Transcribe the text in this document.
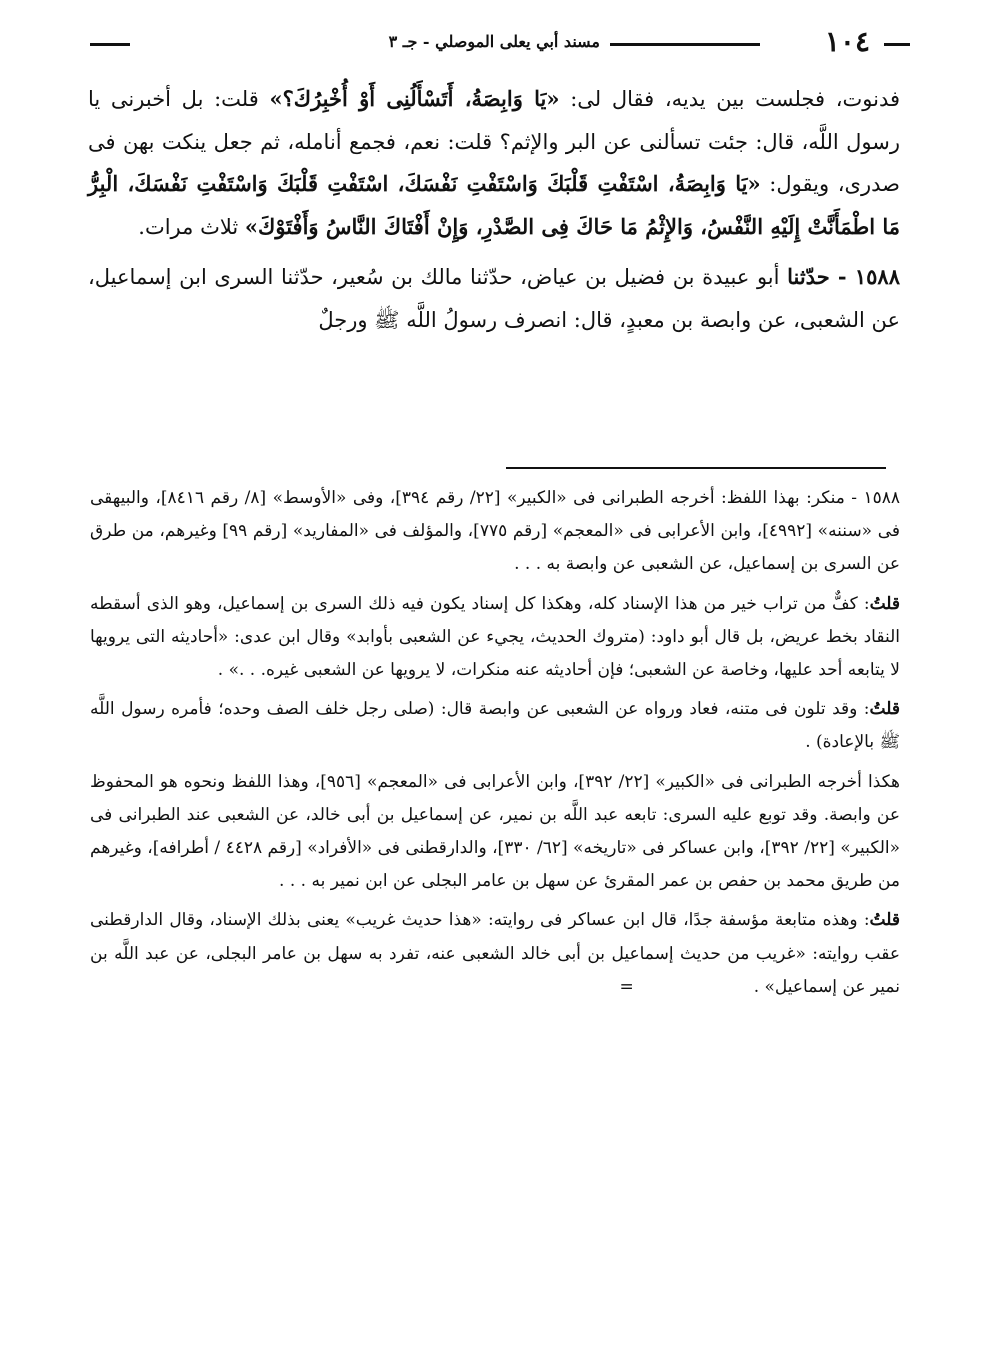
١٠٤
مسند أبي يعلى الموصلي - جـ ٣

فدنوت، فجلست بين يديه، فقال لى: «يَا وَابِصَةُ، أَتَسْأَلُنِى أَوْ أُخْبِرُكَ؟» قلت: بل أخبرنى يا رسول اللَّه، قال: جئت تسألنى عن البر والإثم؟ قلت: نعم، فجمع أنامله، ثم جعل ينكت بهن فى صدرى، ويقول: «يَا وَابِصَةُ، اسْتَفْتِ قَلْبَكَ وَاسْتَفْتِ نَفْسَكَ، اسْتَفْتِ قَلْبَكَ وَاسْتَفْتِ نَفْسَكَ، الْبِرُّ مَا اطْمَأَنَّتْ إِلَيْهِ النَّفْسُ، وَالإِثْمُ مَا حَاكَ فِى الصَّدْرِ، وَإِنْ أَفْتَاكَ النَّاسُ وَأَفْتَوْكَ» ثلاث مرات.

١٥٨٨ - حدّثنا أبو عبيدة بن فضيل بن عياض، حدّثنا مالك بن سُعير، حدّثنا السرى ابن إسماعيل، عن الشعبى، عن وابصة بن معبدٍ، قال: انصرف رسولُ اللَّه ﷺ ورجلٌ

١٥٨٨ - منكر: بهذا اللفظ: أخرجه الطبرانى فى «الكبير» [٢٢/ رقم ٣٩٤]، وفى «الأوسط» [٨/ رقم ٨٤١٦]، والبيهقى فى «سننه» [٤٩٩٢]، وابن الأعرابى فى «المعجم» [رقم ٧٧٥]، والمؤلف فى «المفاريد» [رقم ٩٩] وغيرهم، من طرق عن السرى بن إسماعيل، عن الشعبى عن وابصة به . . .

قلتُ: كفٌّ من تراب خير من هذا الإسناد كله، وهكذا كل إسناد يكون فيه ذلك السرى بن إسماعيل، وهو الذى أسقطه النقاد بخط عريض، بل قال أبو داود: (متروك الحديث، يجيء عن الشعبى بأوابد» وقال ابن عدى: «أحاديثه التى يرويها لا يتابعه أحد عليها، وخاصة عن الشعبى؛ فإن أحاديثه عنه منكرات، لا يرويها عن الشعبى غيره. . .» .

قلتُ: وقد تلون فى متنه، فعاد ورواه عن الشعبى عن وابصة قال: (صلى رجل خلف الصف وحده؛ فأمره رسول اللَّه ﷺ بالإعادة) .

هكذا أخرجه الطبرانى فى «الكبير» [٢٢/ ٣٩٢]، وابن الأعرابى فى «المعجم» [٩٥٦]، وهذا اللفظ ونحوه هو المحفوظ عن وابصة. وقد توبع عليه السرى: تابعه عبد اللَّه بن نمير، عن إسماعيل بن أبى خالد، عن الشعبى عند الطبرانى فى «الكبير» [٢٢/ ٣٩٢]، وابن عساكر فى «تاريخه» [٦٢/ ٣٣٠]، والدارقطنى فى «الأفراد» [رقم ٤٤٢٨ / أطرافه]، وغيرهم من طريق محمد بن حفص بن عمر المقرئ عن سهل بن عامر البجلى عن ابن نمير به . . .

قلتُ: وهذه متابعة مؤسفة جدًا، قال ابن عساكر فى روايته: «هذا حديث غريب» يعنى بذلك الإسناد، وقال الدارقطنى عقب روايته: «غريب من حديث إسماعيل بن أبى خالد الشعبى عنه، تفرد به سهل بن عامر البجلى، عن عبد اللَّه بن نمير عن إسماعيل» .=
